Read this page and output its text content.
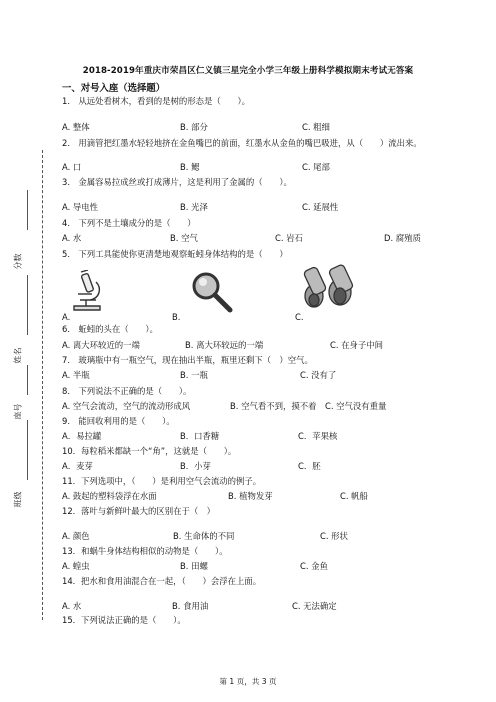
分数
姓名
座号
班级
2018-2019年重庆市荣昌区仁义镇三星完全小学三年级上册科学模拟期末考试无答案
一、对号入座（选择题）
1． 从远处看树木，看到的是树的形态是（　　）。
A. 整体	B. 部分	C. 粗细
2． 用滴管把红墨水轻轻地挤在金鱼嘴巴的前面，红墨水从金鱼的嘴巴吸进，从（　　）流出来。
A. 口	B. 鳃	C. 尾部
3． 金属容易拉成丝或打成薄片，这是利用了金属的（　　）。
A. 导电性	B. 光泽	C. 延展性
4． 下列不是土壤成分的是（　　）
A. 水	B. 空气	C. 岩石	D. 腐殖质
5． 下列工具能使你更清楚地观察蚯蚓身体结构的是（　　）
A.	B.	C.
6． 蚯蚓的头在（　　）。
A. 离大环较近的一端	B. 离大环较远的一端	C. 在身子中间
7． 玻璃瓶中有一瓶空气，现在抽出半瓶，瓶里还剩下（　）空气。
A. 半瓶	B. 一瓶	C. 没有了
8． 下列说法不正确的是（　　）。
A. 空气会流动，空气的流动形成风	B. 空气看不到，摸不着 C. 空气没有重量
9． 能回收利用的是（　　）。
A．易拉罐	B．口香糖	C．苹果核
10．每粒稻米都缺一个“角”，这就是（　　）。
A．麦芽	B．小芽	C．胚
11．下列选项中，（　　）是利用空气会流动的例子。
A. 鼓起的塑料袋浮在水面	B. 植物发芽	C. 帆船
12．落叶与新鲜叶最大的区别在于（　）
A. 颜色	B. 生命体的不同	C. 形状
13．和蜗牛身体结构相似的动物是（　　）。
A. 蝗虫	B. 田螺	C. 金鱼
14．把水和食用油混合在一起，（　　）会浮在上面。
A. 水	B. 食用油	C. 无法确定
15．下列说法正确的是（　　）。
第 1 页，共 3 页
